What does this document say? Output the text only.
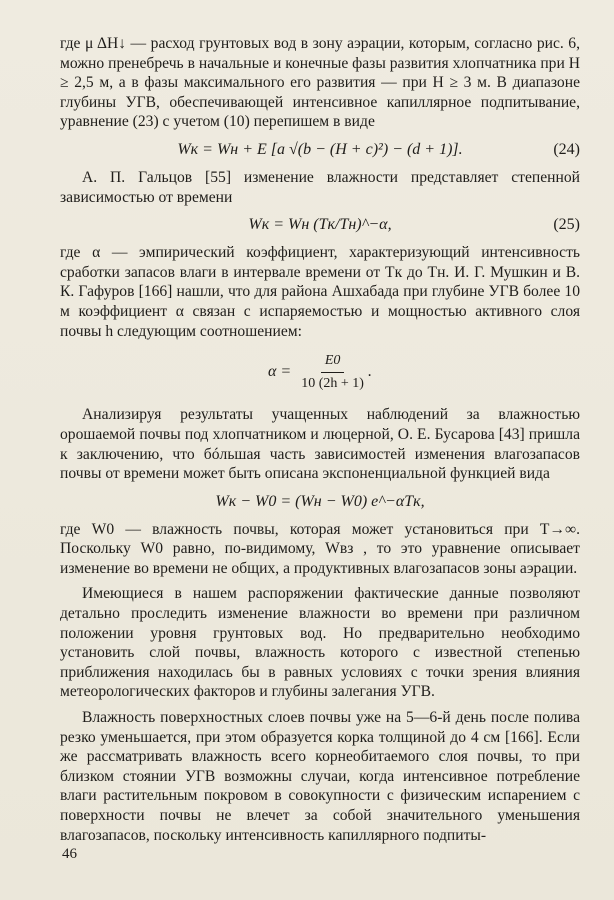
где μ ΔH↓ — расход грунтовых вод в зону аэрации, которым, согласно рис. 6, можно пренебречь в начальные и конечные фазы развития хлопчатника при H ≥ 2,5 м, а в фазы максимального его развития — при H ≥ 3 м. В диапазоне глубины УГВ, обеспечивающей интенсивное капиллярное подпитывание, уравнение (23) с учетом (10) перепишем в виде

Wк = Wн + E [a √(b − (H + c)²) − (d + 1)].	(24)

А. П. Гальцов [55] изменение влажности представляет степенной зависимостью от времени

Wк = Wн (Tк/Tн)^−α,	(25)

где α — эмпирический коэффициент, характеризующий интенсивность сработки запасов влаги в интервале времени от Tк до Tн. И. Г. Мушкин и В. К. Гафуров [166] нашли, что для района Ашхабада при глубине УГВ более 10 м коэффициент α связан с испаряемостью и мощностью активного слоя почвы h следующим соотношением:

$\alpha = \frac{E0}{10 (2h + 1)}$ .

Анализируя результаты учащенных наблюдений за влажностью орошаемой почвы под хлопчатником и люцерной, О. Е. Бусарова [43] пришла к заключению, что бóльшая часть зависимостей изменения влагозапасов почвы от времени может быть описана экспоненциальной функцией вида

Wк − W0 = (Wн − W0) e^−αTк,

где W0 — влажность почвы, которая может установиться при T→∞. Поскольку W0 равно, по-видимому, Wвз , то это уравнение описывает изменение во времени не общих, а продуктивных влагозапасов зоны аэрации.

Имеющиеся в нашем распоряжении фактические данные позволяют детально проследить изменение влажности во времени при различном положении уровня грунтовых вод. Но предварительно необходимо установить слой почвы, влажность которого с известной степенью приближения находилась бы в равных условиях с точки зрения влияния метеорологических факторов и глубины залегания УГВ.

Влажность поверхностных слоев почвы уже на 5—6-й день после полива резко уменьшается, при этом образуется корка толщиной до 4 см [166]. Если же рассматривать влажность всего корнеобитаемого слоя почвы, то при близком стоянии УГВ возможны случаи, когда интенсивное потребление влаги растительным покровом в совокупности с физическим испарением с поверхности почвы не влечет за собой значительного уменьшения влагозапасов, поскольку интенсивность капиллярного подпиты-

46
